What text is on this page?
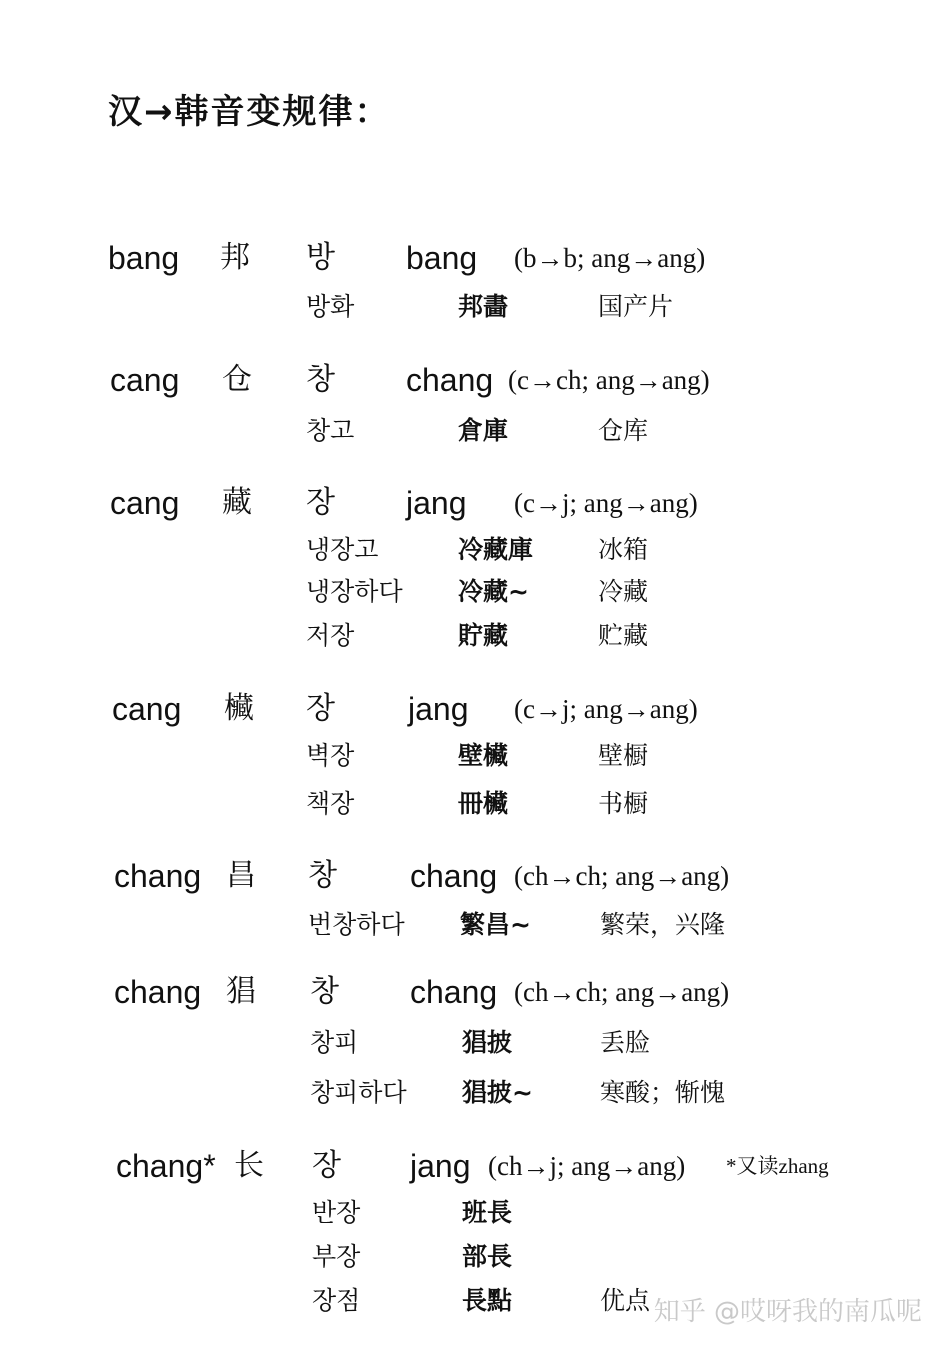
汉→韩音变规律：
bang 邦 방 bang (b→b; ang→ang)
방화	邦畵	国产片
cang 仓 창 chang (c→ch; ang→ang)
창고	倉庫	仓库
cang 藏 장 jang (c→j; ang→ang)
냉장고	冷藏庫	冰箱
냉장하다 冷藏~	冷藏
저장	貯藏	贮藏
cang 欌 장 jang (c→j; ang→ang)
벽장	壁欌	壁橱
책장	冊欌	书橱
chang 昌 창 chang (ch→ch; ang→ang)
번창하다 繁昌~	繁荣，兴隆
chang 猖 창 chang (ch→ch; ang→ang)
창피	猖披	丢脸
창피하다 猖披~	寒酸；惭愧
chang* 长 장 jang (ch→j; ang→ang) *又读zhang
반장	班長
부장	部長
장점	長點	优点 知乎 @哎呀我的南瓜呢
